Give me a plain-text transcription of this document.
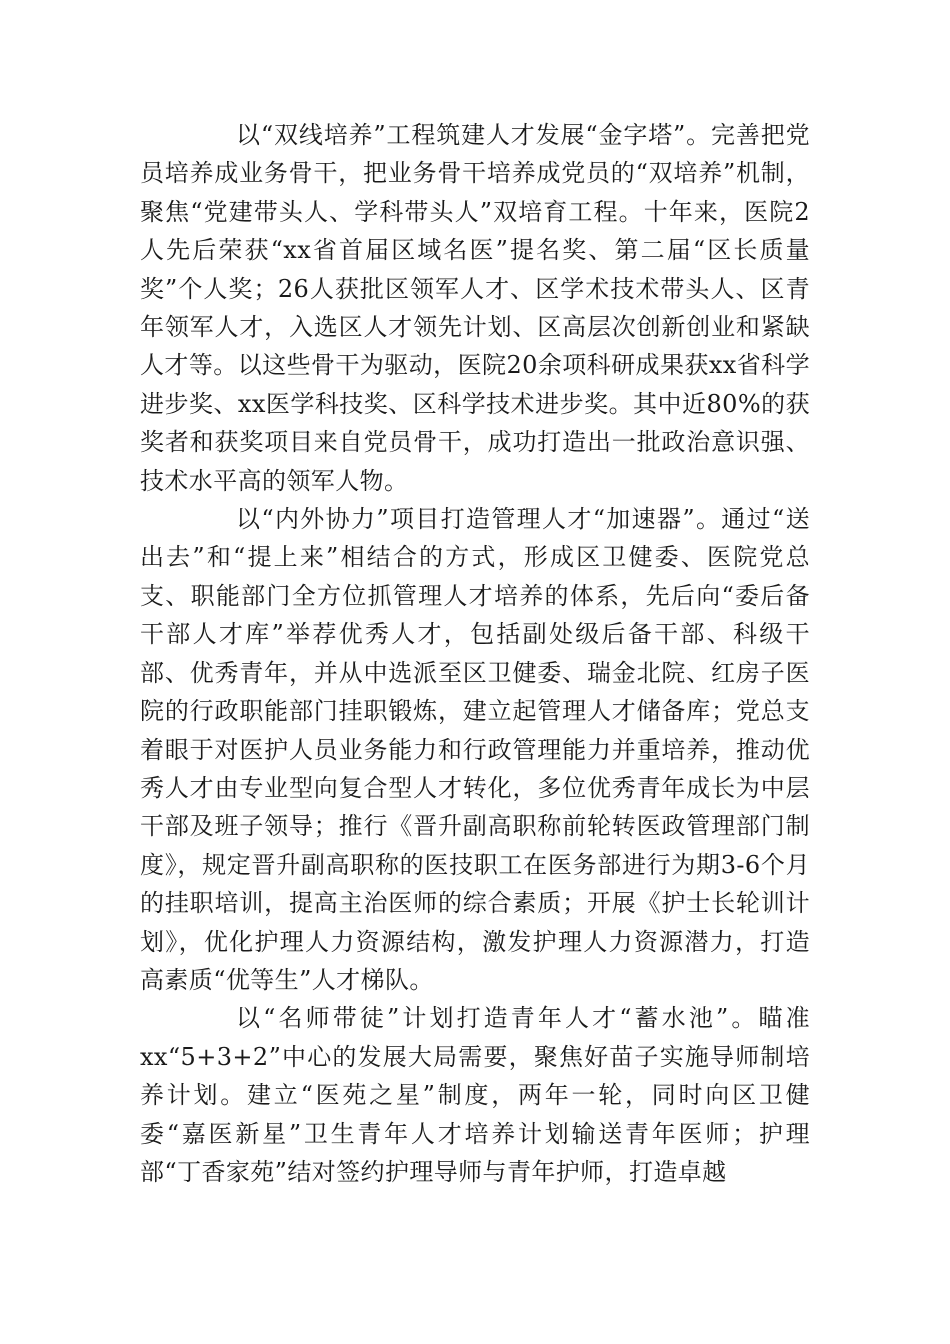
以“双线培养”工程筑建人才发展“金字塔”。完善把党员培养成业务骨干，把业务骨干培养成党员的“双培养”机制，聚焦“党建带头人、学科带头人”双培育工程。十年来，医院2人先后荣获“xx省首届区域名医”提名奖、第二届“区长质量奖”个人奖；26人获批区领军人才、区学术技术带头人、区青年领军人才，入选区人才领先计划、区高层次创新创业和紧缺人才等。以这些骨干为驱动，医院20余项科研成果获xx省科学进步奖、xx医学科技奖、区科学技术进步奖。其中近80%的获奖者和获奖项目来自党员骨干，成功打造出一批政治意识强、技术水平高的领军人物。

以“内外协力”项目打造管理人才“加速器”。通过“送出去”和“提上来”相结合的方式，形成区卫健委、医院党总支、职能部门全方位抓管理人才培养的体系，先后向“委后备干部人才库”举荐优秀人才，包括副处级后备干部、科级干部、优秀青年，并从中选派至区卫健委、瑞金北院、红房子医院的行政职能部门挂职锻炼，建立起管理人才储备库；党总支着眼于对医护人员业务能力和行政管理能力并重培养，推动优秀人才由专业型向复合型人才转化，多位优秀青年成长为中层干部及班子领导；推行《晋升副高职称前轮转医政管理部门制度》，规定晋升副高职称的医技职工在医务部进行为期3-6个月的挂职培训，提高主治医师的综合素质；开展《护士长轮训计划》，优化护理人力资源结构，激发护理人力资源潜力，打造高素质“优等生”人才梯队。

以“名师带徒”计划打造青年人才“蓄水池”。瞄准xx“5+3+2”中心的发展大局需要，聚焦好苗子实施导师制培养计划。建立“医苑之星”制度，两年一轮，同时向区卫健委“嘉医新星”卫生青年人才培养计划输送青年医师；护理部“丁香家苑”结对签约护理导师与青年护师，打造卓越
